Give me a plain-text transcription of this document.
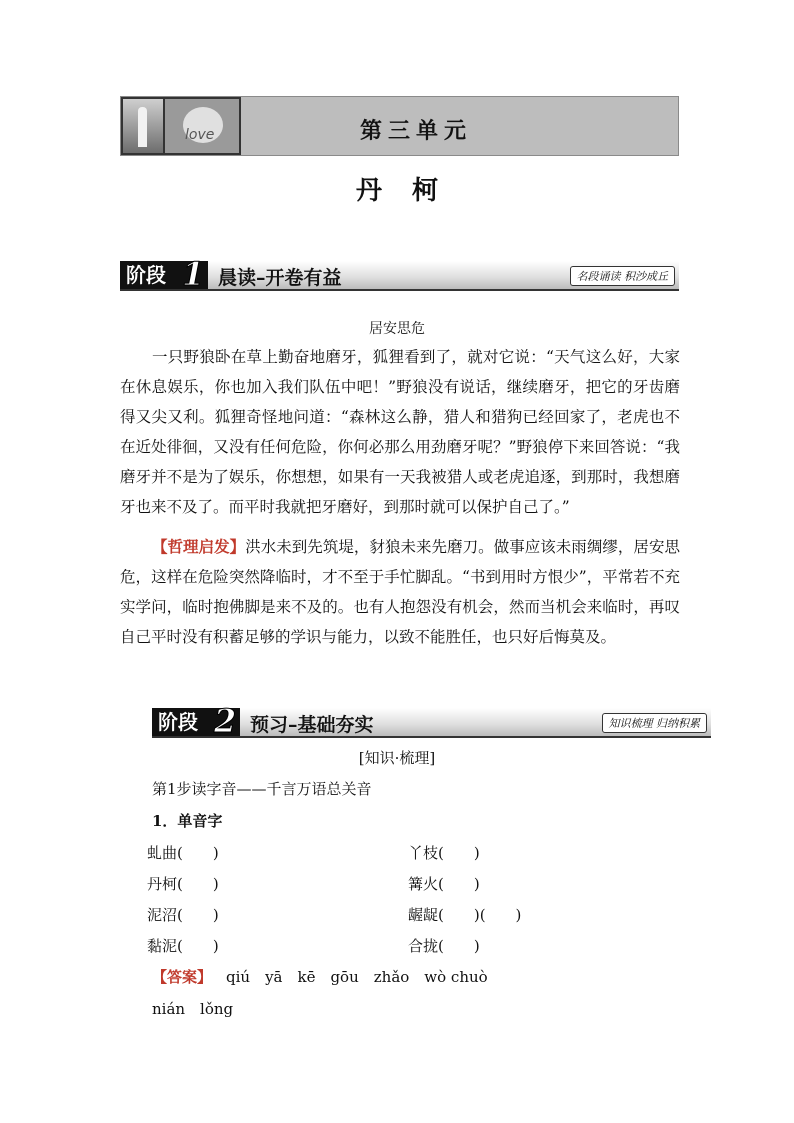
love	第三单元
丹柯
阶段 1 晨读–开卷有益	名段诵读 积沙成丘
居安思危
一只野狼卧在草上勤奋地磨牙，狐狸看到了，就对它说：“天气这么好，大家在休息娱乐，你也加入我们队伍中吧！”野狼没有说话，继续磨牙，把它的牙齿磨得又尖又利。狐狸奇怪地问道：“森林这么静，猎人和猎狗已经回家了，老虎也不在近处徘徊，又没有任何危险，你何必那么用劲磨牙呢？”野狼停下来回答说：“我磨牙并不是为了娱乐，你想想，如果有一天我被猎人或老虎追逐，到那时，我想磨牙也来不及了。而平时我就把牙磨好，到那时就可以保护自己了。”
【哲理启发】洪水未到先筑堤，豺狼未来先磨刀。做事应该未雨绸缪，居安思危，这样在危险突然降临时，才不至于手忙脚乱。“书到用时方恨少”，平常若不充实学问，临时抱佛脚是来不及的。也有人抱怨没有机会，然而当机会来临时，再叹自己平时没有积蓄足够的学识与能力，以致不能胜任，也只好后悔莫及。
阶段 2 预习–基础夯实	知识梳理 归纳积累
[知识·梳理]
第1步读字音——千言万语总关音
1．单音字
虬曲(　　)	丫枝(　　)
丹柯(　　)	篝火(　　)
泥沼(　　)	龌龊(　　)(　　)
黏泥(　　)	合拢(　　)
【答案】 qiú　yā　kē　gōu　zhǎo　wò chuò
nián　lǒng
